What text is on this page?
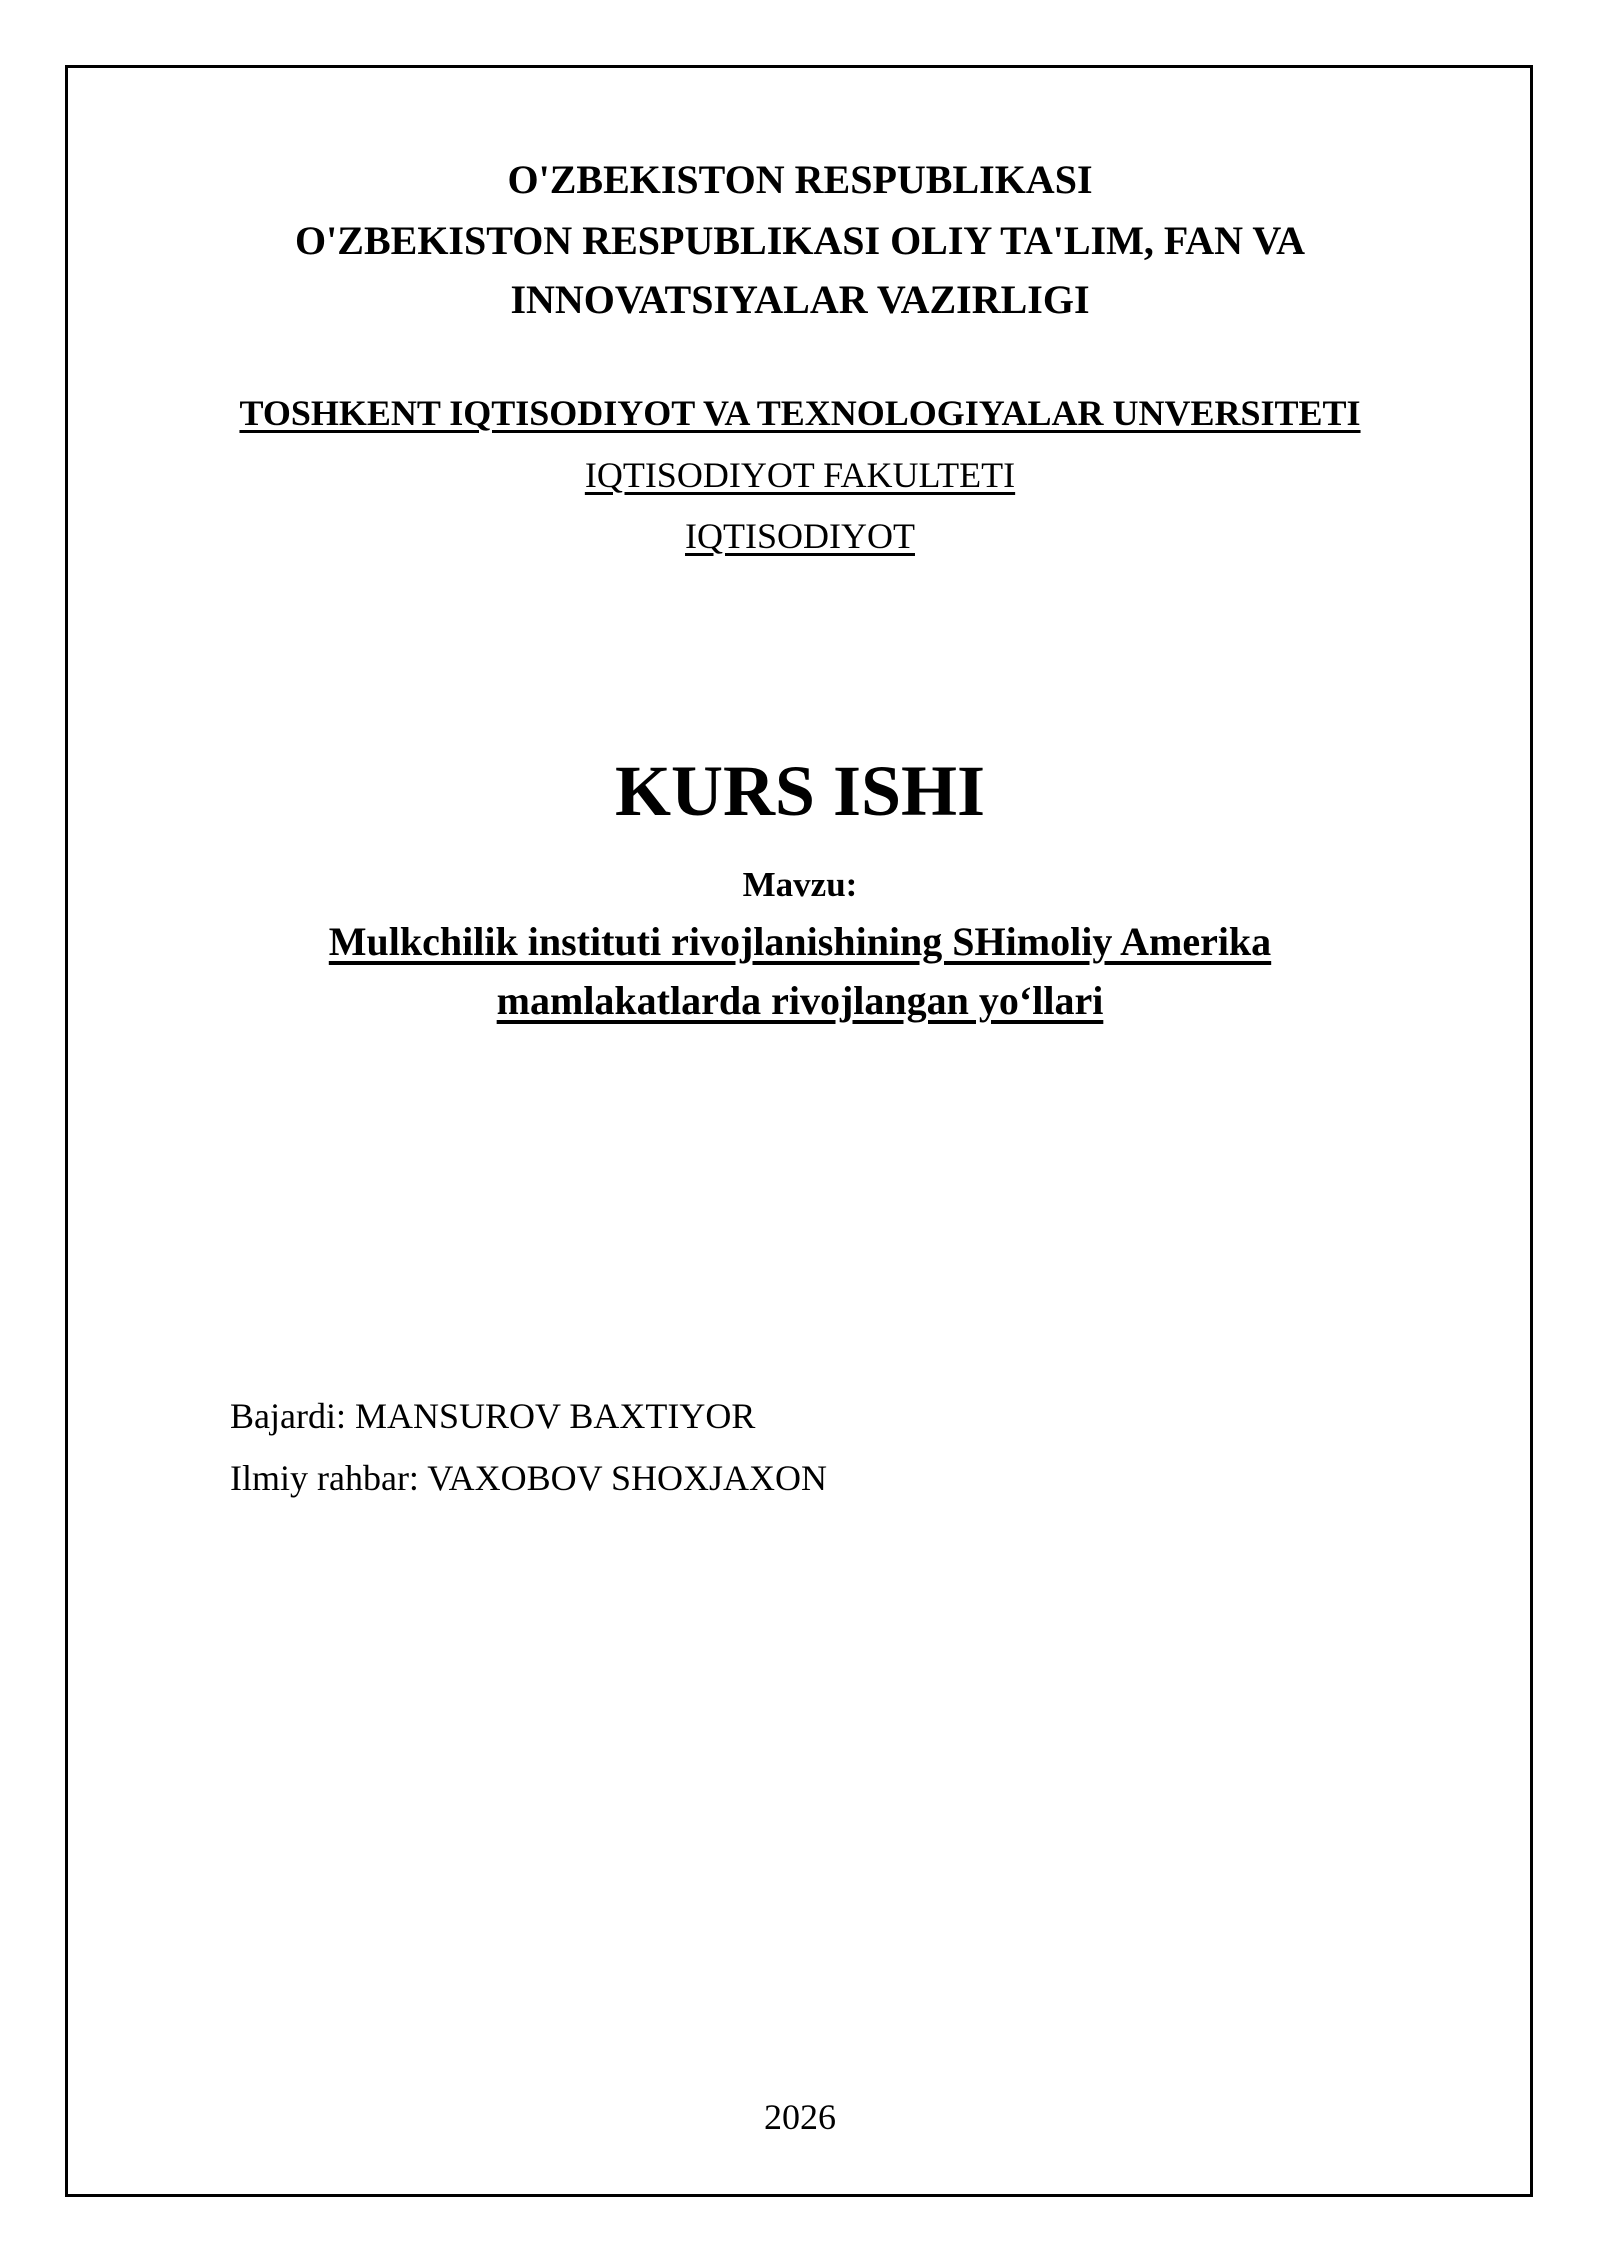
O'ZBEKISTON RESPUBLIKASI
O'ZBEKISTON RESPUBLIKASI OLIY TA'LIM, FAN VA
INNOVATSIYALAR VAZIRLIGI
TOSHKENT IQTISODIYOT VA TEXNOLOGIYALAR UNVERSITETI
IQTISODIYOT FAKULTETI
IQTISODIYOT
KURS ISHI
Mavzu:
Mulkchilik instituti rivojlanishining SHimoliy Amerika
mamlakatlarda rivojlangan yo‘llari
Bajardi: MANSUROV BAXTIYOR
Ilmiy rahbar: VAXOBOV SHOXJAXON
2026
